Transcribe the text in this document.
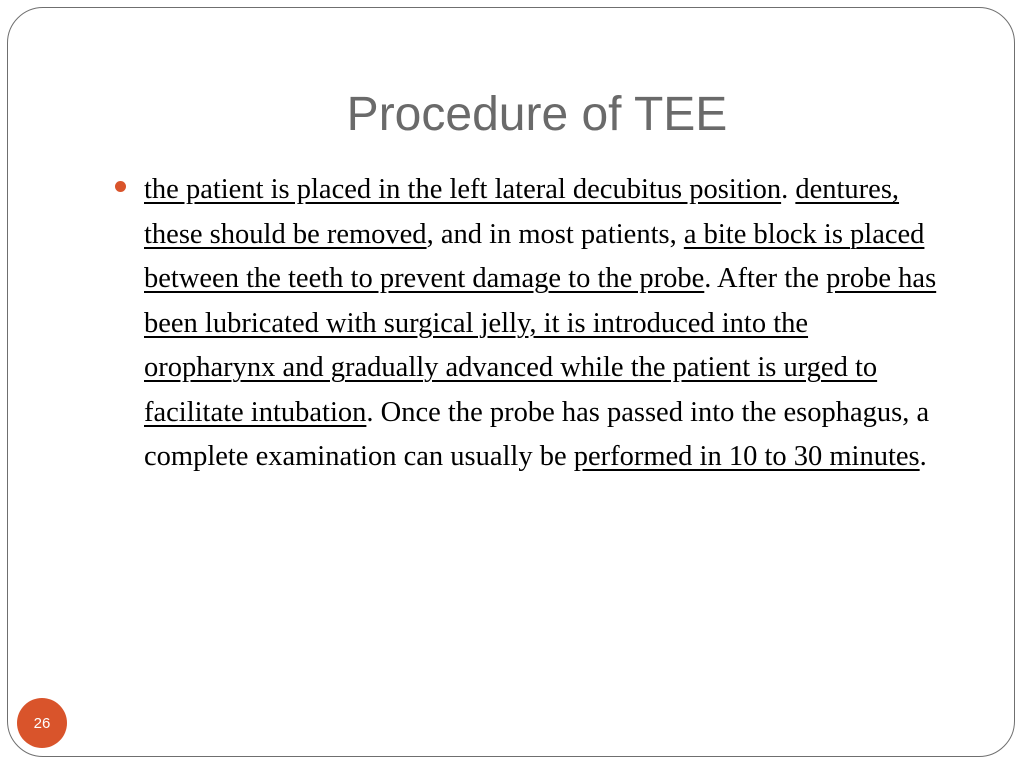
Procedure of TEE

the patient is placed in the left lateral decubitus position. dentures, these should be removed, and in most patients, a bite block is placed between the teeth to prevent damage to the probe. After the probe has been lubricated with surgical jelly, it is introduced into the oropharynx and gradually advanced while the patient is urged to facilitate intubation. Once the probe has passed into the esophagus, a complete examination can usually be performed in 10 to 30 minutes.

26
